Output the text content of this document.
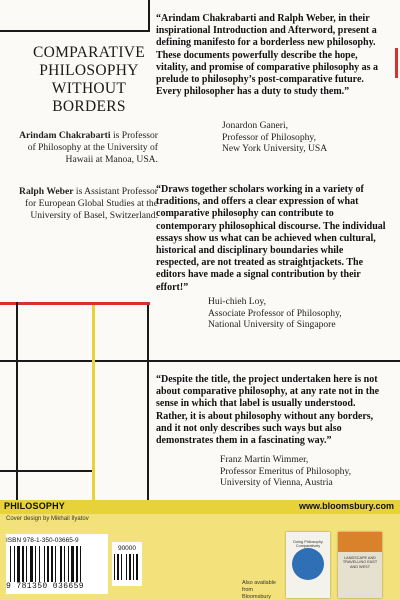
COMPARATIVE
PHILOSOPHY
WITHOUT
BORDERS
Arindam Chakrabarti is Professor of Philosophy at the University of Hawaii at Manoa, USA.
Ralph Weber is Assistant Professor for European Global Studies at the University of Basel, Switzerland.
“Arindam Chakrabarti and Ralph Weber, in their inspirational Introduction and Afterword, present a defining manifesto for a borderless new philosophy. These documents powerfully describe the hope, vitality, and promise of comparative philosophy as a prelude to philosophy’s post-comparative future. Every philosopher has a duty to study them.”
Jonardon Ganeri,
Professor of Philosophy,
New York University, USA
“Draws together scholars working in a variety of traditions, and offers a clear expression of what comparative philosophy can contribute to contemporary philosophical discourse. The individual essays show us what can be achieved when cultural, historical and disciplinary boundaries while respected, are not treated as straightjackets. The editors have made a signal contribution by their effort!”
Hui-chieh Loy,
Associate Professor of Philosophy,
National University of Singapore
“Despite the title, the project undertaken here is not about comparative philosophy, at any rate not in the sense in which that label is usually understood. Rather, it is about philosophy without any borders, and it not only describes such ways but also demonstrates them in a fascinating way.”
Franz Martin Wimmer,
Professor Emeritus of Philosophy,
University of Vienna, Austria
PHILOSOPHY	www.bloomsbury.com
Cover design by Mikhail Ilyatov
ISBN 978-1-350-03665-9
9 781350 036659
90000
Also available from Bloomsbury
Doing Philosophy Comparatively
LANDSCAPE AND TRAVELLING EAST AND WEST
